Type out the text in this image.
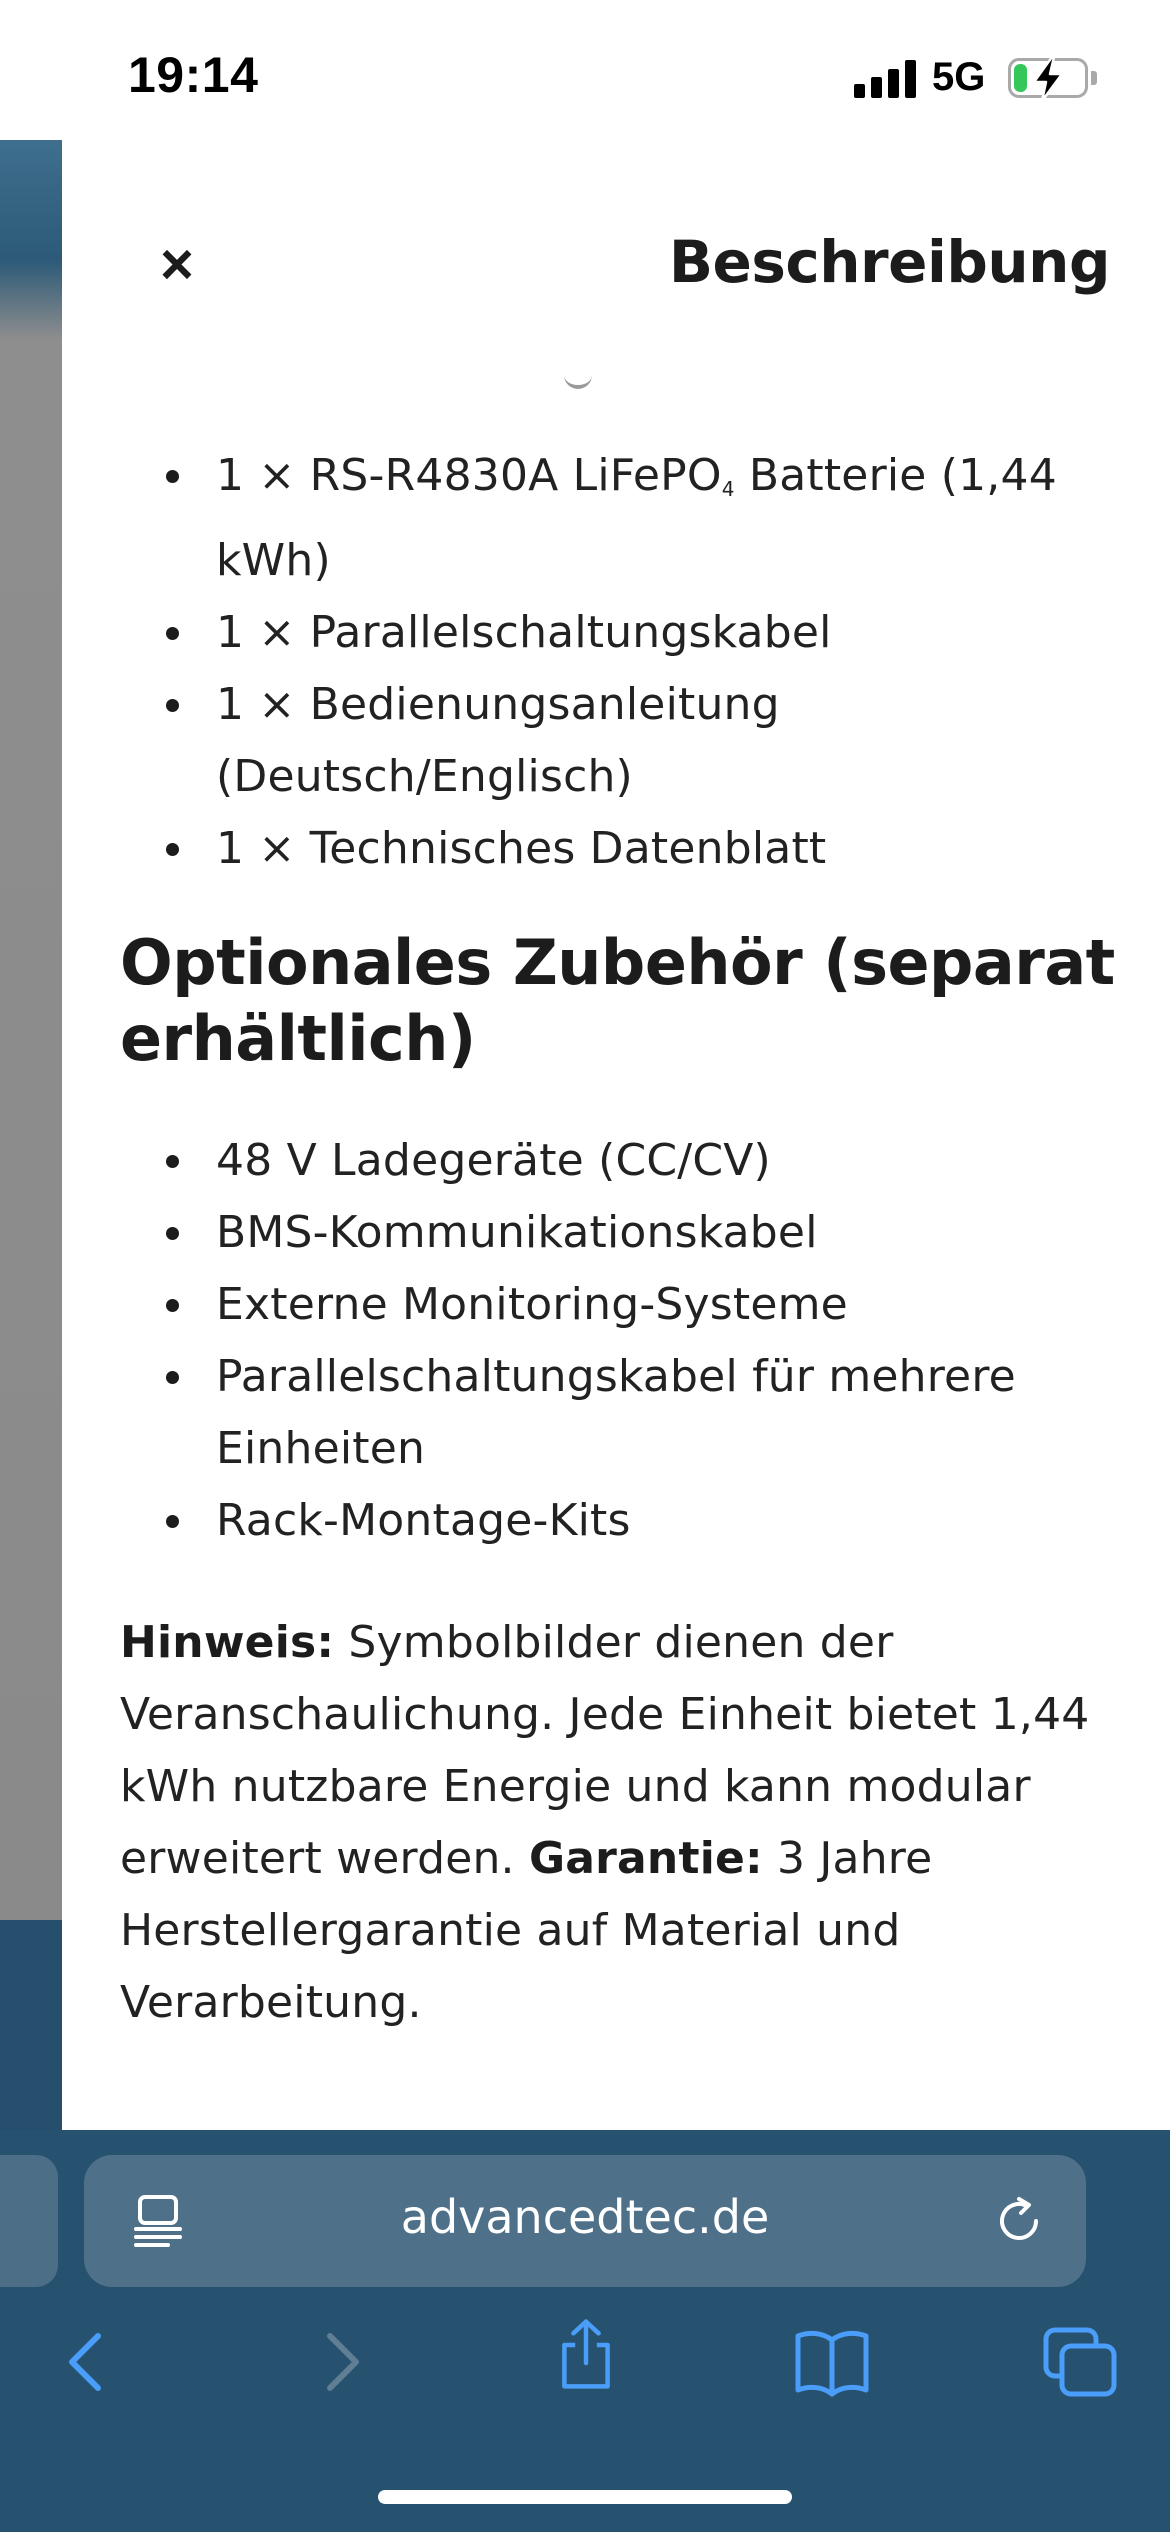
19:14	5G
×	Beschreibung
1 × RS-R4830A LiFePO$_4$ Batterie (1,44 kWh)
1 × Parallelschaltungskabel
1 × Bedienungsanleitung (Deutsch/Englisch)
1 × Technisches Datenblatt
Optionales Zubehör (separat erhältlich)
48 V Ladegeräte (CC/CV)
BMS-Kommunikationskabel
Externe Monitoring-Systeme
Parallelschaltungskabel für mehrere Einheiten
Rack-Montage-Kits

Hinweis: Symbolbilder dienen der Veranschaulichung. Jede Einheit bietet 1,44 kWh nutzbare Energie und kann modular erweitert werden. Garantie: 3 Jahre Herstellergarantie auf Material und Verarbeitung.

advancedtec.de
